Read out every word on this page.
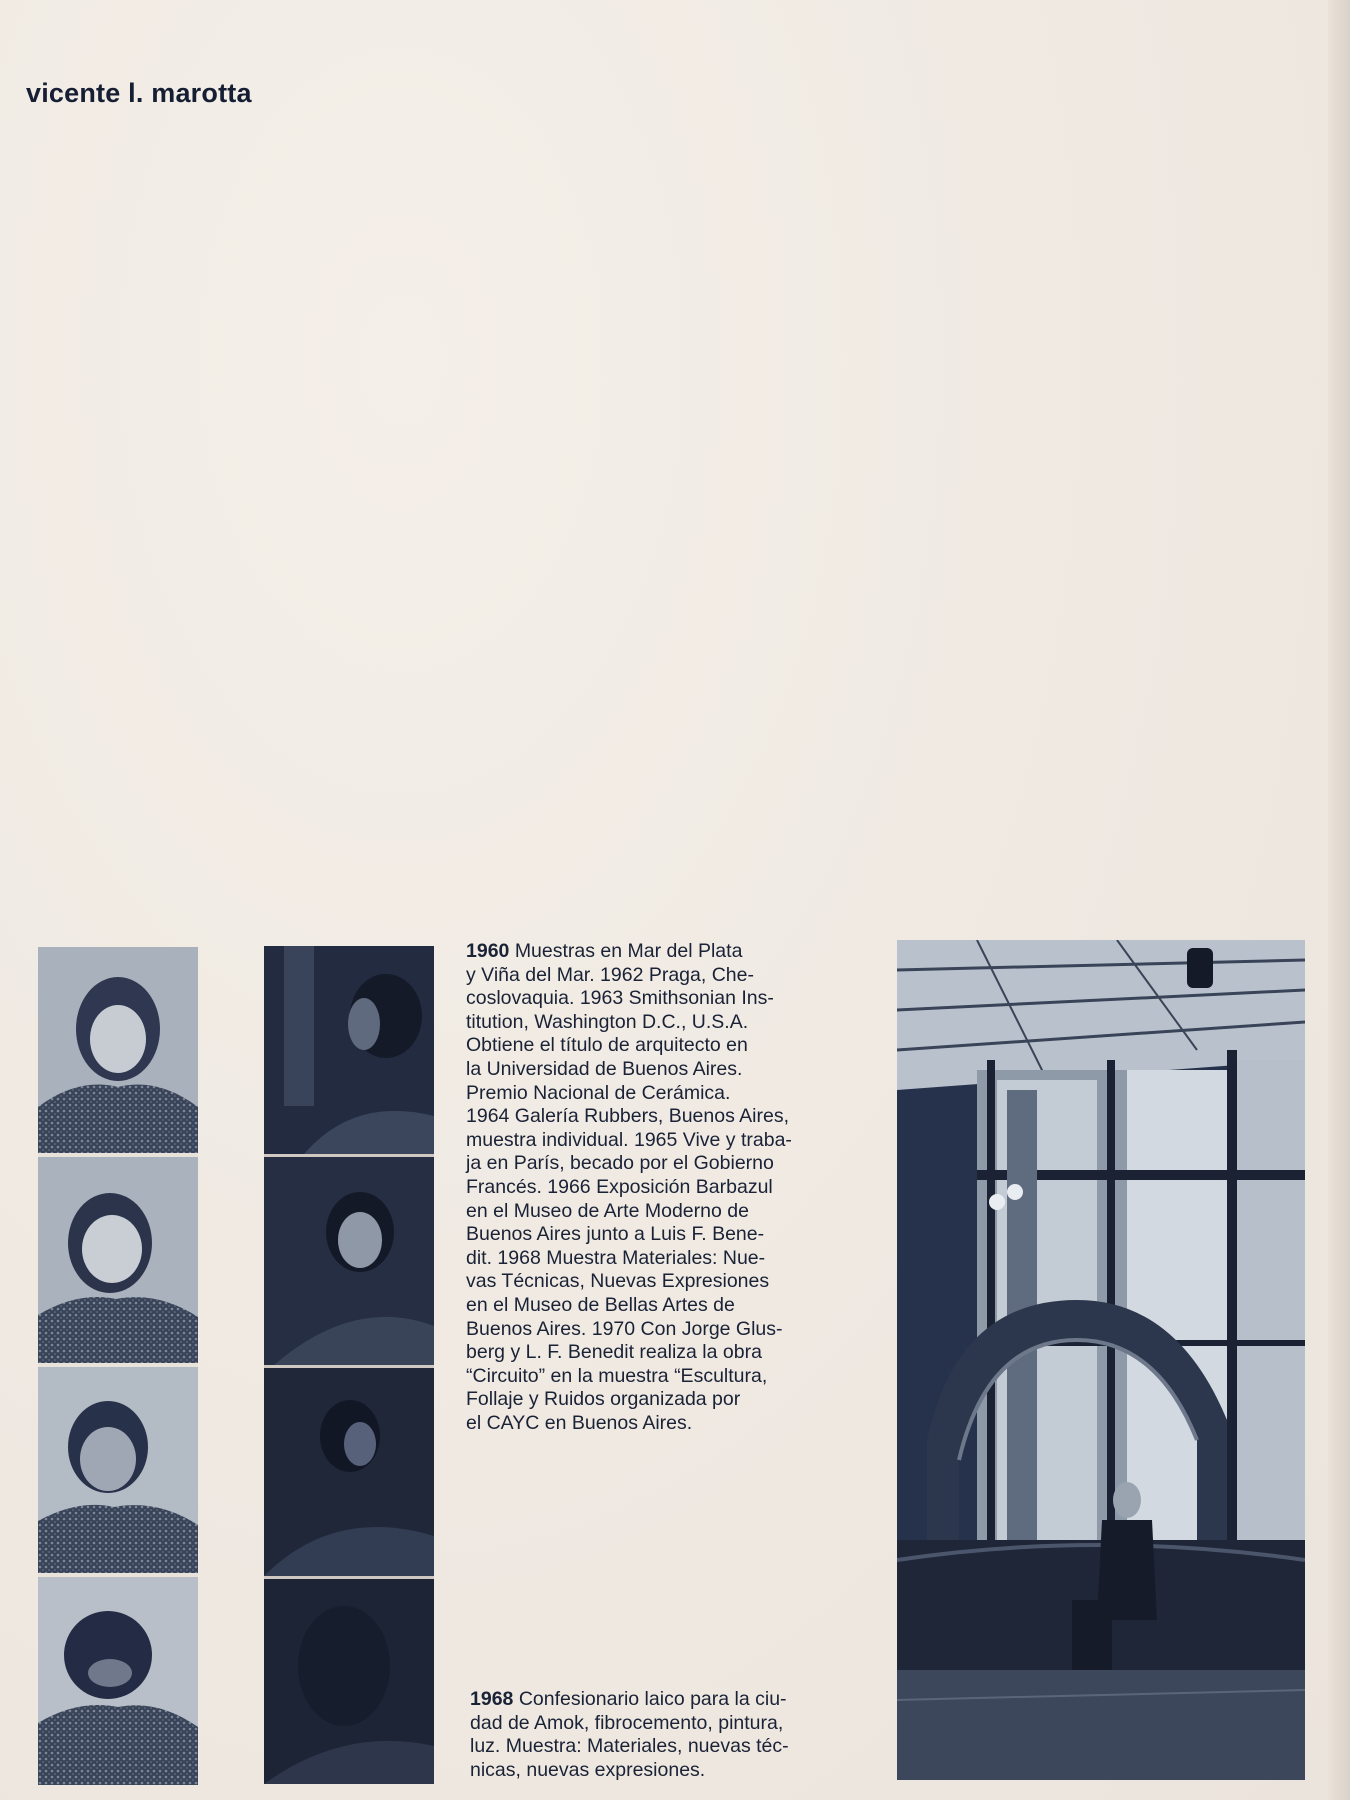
vicente l. marotta

1960 Muestras en Mar del Plata
y Viña del Mar. 1962 Praga, Che-
coslovaquia. 1963 Smithsonian Ins-
titution, Washington D.C., U.S.A.
Obtiene el título de arquitecto en
la Universidad de Buenos Aires.
Premio Nacional de Cerámica.
1964 Galería Rubbers, Buenos Aires,
muestra individual. 1965 Vive y traba-
ja en París, becado por el Gobierno
Francés. 1966 Exposición Barbazul
en el Museo de Arte Moderno de
Buenos Aires junto a Luis F. Bene-
dit. 1968 Muestra Materiales: Nue-
vas Técnicas, Nuevas Expresiones
en el Museo de Bellas Artes de
Buenos Aires. 1970 Con Jorge Glus-
berg y L. F. Benedit realiza la obra
“Circuito” en la muestra “Escultura,
Follaje y Ruidos organizada por
el CAYC en Buenos Aires.

1968 Confesionario laico para la ciu-
dad de Amok, fibrocemento, pintura,
luz. Muestra: Materiales, nuevas téc-
nicas, nuevas expresiones.
